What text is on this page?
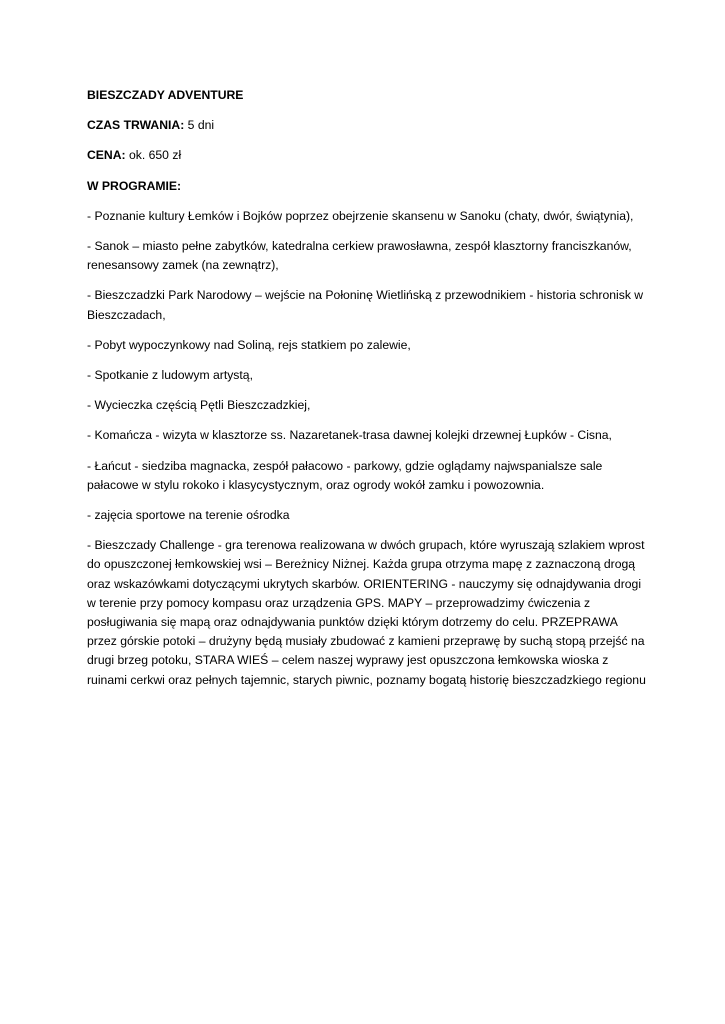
BIESZCZADY ADVENTURE
CZAS TRWANIA: 5 dni
CENA: ok. 650 zł
W PROGRAMIE:
- Poznanie kultury Łemków i Bojków poprzez obejrzenie skansenu w Sanoku (chaty, dwór, świątynia),
- Sanok – miasto pełne zabytków, katedralna cerkiew prawosławna, zespół klasztorny franciszkanów, renesansowy zamek (na zewnątrz),
- Bieszczadzki Park Narodowy – wejście na Połoninę Wietlińską z przewodnikiem - historia schronisk w Bieszczadach,
- Pobyt wypoczynkowy nad Soliną, rejs statkiem po zalewie,
- Spotkanie z ludowym artystą,
- Wycieczka częścią Pętli Bieszczadzkiej,
- Komańcza - wizyta w klasztorze ss. Nazaretanek-trasa dawnej kolejki drzewnej Łupków - Cisna,
- Łańcut - siedziba magnacka, zespół pałacowo - parkowy, gdzie oglądamy najwspanialsze sale pałacowe w stylu rokoko i klasycystycznym, oraz ogrody wokół zamku i powozownia.
- zajęcia sportowe na terenie ośrodka
- Bieszczady Challenge - gra terenowa realizowana w dwóch grupach, które wyruszają szlakiem wprost do opuszczonej łemkowskiej wsi – Bereżnicy Niżnej. Każda grupa otrzyma mapę z zaznaczoną drogą oraz wskazówkami dotyczącymi ukrytych skarbów. ORIENTERING - nauczymy się odnajdywania drogi w terenie przy pomocy kompasu oraz urządzenia GPS. MAPY – przeprowadzimy ćwiczenia z posługiwania się mapą oraz odnajdywania punktów dzięki którym dotrzemy do celu. PRZEPRAWA przez górskie potoki – drużyny będą musiały zbudować z kamieni przeprawę by suchą stopą przejść na drugi brzeg potoku, STARA WIEŚ – celem naszej wyprawy jest opuszczona łemkowska wioska z ruinami cerkwi oraz pełnych tajemnic, starych piwnic, poznamy bogatą historię bieszczadzkiego regionu
